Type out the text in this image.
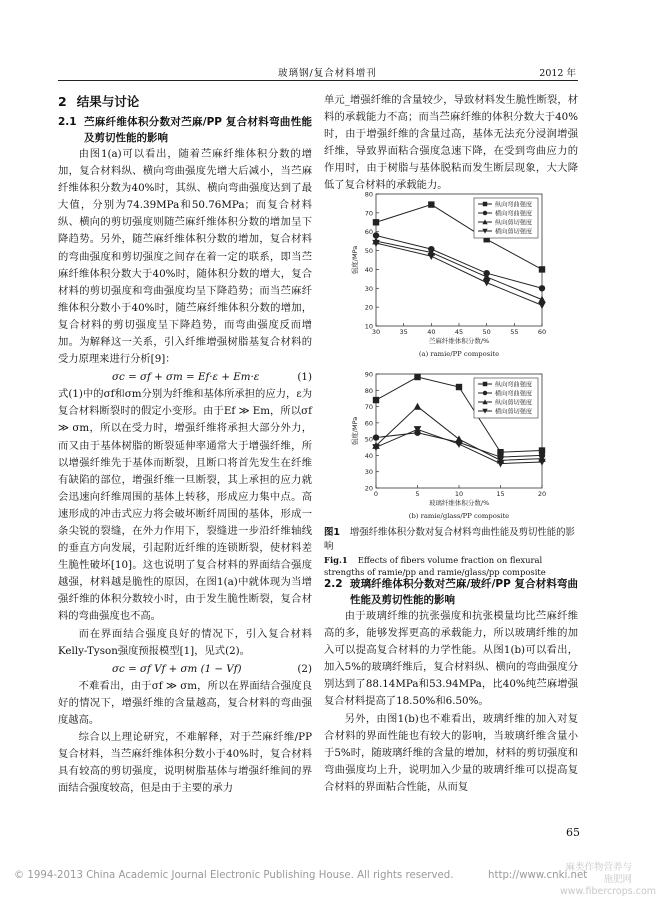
玻璃钢/复合材料增刊	2012 年
2 结果与讨论
2.1 苎麻纤维体积分数对苎麻/PP 复合材料弯曲性能及剪切性能的影响

由图1(a)可以看出，随着苎麻纤维体积分数的增加，复合材料纵、横向弯曲强度先增大后减小，当苎麻纤维体积分数为40%时，其纵、横向弯曲强度达到了最大值，分别为74.39MPa和50.76MPa；而复合材料纵、横向的剪切强度则随苎麻纤维体积分数的增加呈下降趋势。另外，随苎麻纤维体积分数的增加，复合材料的弯曲强度和剪切强度之间存在着一定的联系，即当苎麻纤维体积分数大于40%时，随体积分数的增大，复合材料的剪切强度和弯曲强度均呈下降趋势；而当苎麻纤维体积分数小于40%时，随苎麻纤维体积分数的增加，复合材料的剪切强度呈下降趋势，而弯曲强度反而增加。为解释这一关系，引入纤维增强树脂基复合材料的受力原理来进行分析[9]：

σc = σf + σm = Ef·ε + Em·ε	(1)

式(1)中的σf和σm分别为纤维和基体所承担的应力，ε为复合材料断裂时的假定小变形。由于Ef ≫ Em，所以σf ≫ σm，所以在受力时，增强纤维将承担大部分外力，而又由于基体树脂的断裂延伸率通常大于增强纤维，所以增强纤维先于基体而断裂，且断口将首先发生在纤维有缺陷的部位，增强纤维一旦断裂，其上承担的应力就会迅速向纤维周围的基体上转移，形成应力集中点。高速形成的冲击式应力将会破坏断纤周围的基体，形成一条尖锐的裂缝，在外力作用下，裂缝进一步沿纤维轴线的垂直方向发展，引起附近纤维的连锁断裂，使材料差生脆性破坏[10]。这也说明了复合材料的界面结合强度越强，材料越是脆性的原因，在图1(a)中就体现为当增强纤维的体积分数较小时，由于发生脆性断裂，复合材料的弯曲强度也不高。

而在界面结合强度良好的情况下，引入复合材料Kelly-Tyson强度预报模型[1]，见式(2)。

σc = σf Vf + σm (1 − Vf)	(2)

不难看出，由于σf ≫ σm，所以在界面结合强度良好的情况下，增强纤维的含量越高，复合材料的弯曲强度越高。

综合以上理论研究，不难解释，对于苎麻纤维/PP复合材料，当苎麻纤维体积分数小于40%时，复合材料具有较高的剪切强度，说明树脂基体与增强纤维间的界面结合强度较高，但是由于主要的承力

单元_增强纤维的含量较少，导致材料发生脆性断裂，材料的承载能力不高；而当苎麻纤维的体积分数大于40%时，由于增强纤维的含量过高，基体无法充分浸润增强纤维，导致界面粘合强度急速下降，在受到弯曲应力的作用时，由于树脂与基体脱粘而发生断层现象，大大降低了复合材料的承载能力。

10
20
30
40
50
60
70
80
30	35	40	45	50	55	60
强度/MPa
苎麻纤维体积分数/%
纵向弯曲强度
横向弯曲强度
纵向剪切强度
横向剪切强度
(a) ramie/PP composite
20
30
40
50
60
70
80
90
0	5	10	15	20
强度/MPa
玻璃纤维体积分数/%
纵向弯曲强度
横向弯曲强度
纵向剪切强度
横向剪切强度
(b) ramie/glass/PP composite
图1 增强纤维体积分数对复合材料弯曲性能及剪切性能的影响
Fig.1 Effects of fibers volume fraction on flexural strengths of ramie/pp and ramie/glass/pp composite
2.2 玻璃纤维体积分数对苎麻/玻纤/PP 复合材料弯曲性能及剪切性能的影响

由于玻璃纤维的抗张强度和抗张模量均比苎麻纤维高的多，能够发挥更高的承载能力，所以玻璃纤维的加入可以提高复合材料的力学性能。从图1(b)可以看出，加入5%的玻璃纤维后，复合材料纵、横向的弯曲强度分别达到了88.14MPa和53.94MPa，比40%纯苎麻增强复合材料提高了18.50%和6.50%。

另外，由图1(b)也不难看出，玻璃纤维的加入对复合材料的界面性能也有较大的影响，当玻璃纤维含量小于5%时，随玻璃纤维的含量的增加，材料的剪切强度和弯曲强度均上升，说明加入少量的玻璃纤维可以提高复合材料的界面粘合性能，从而复

65
© 1994-2013 China Academic Journal Electronic Publishing House. All rights reserved.	http://www.cnki.net
麻类作物营养与施肥网
www.fibercrops.com
